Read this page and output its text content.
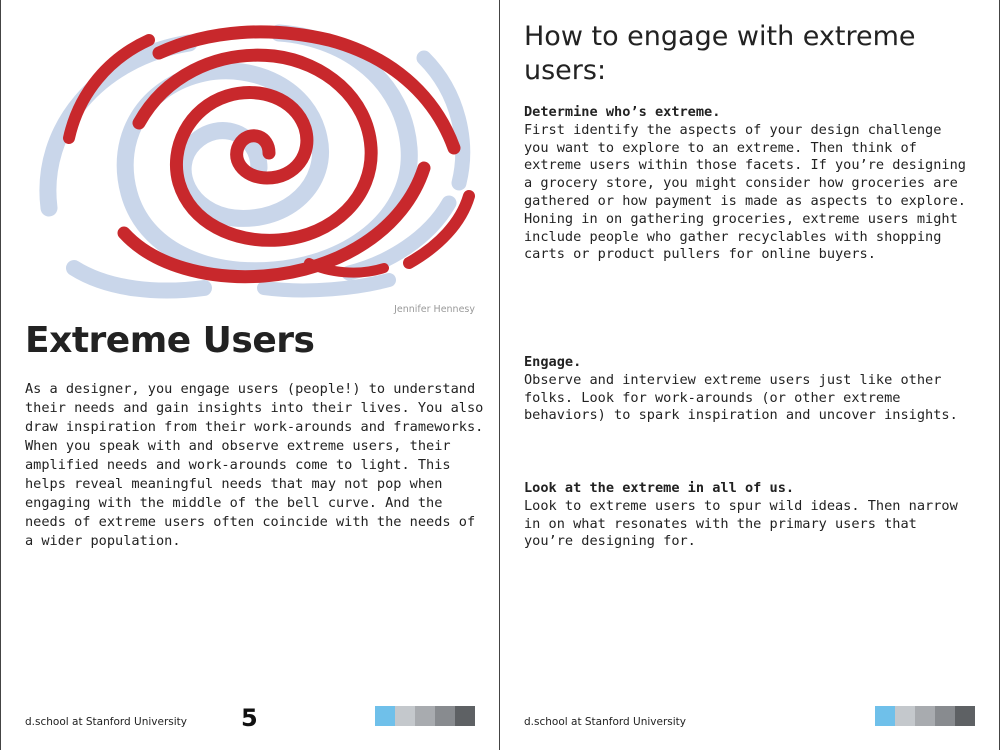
Jennifer Hennesy
Extreme Users

As a designer, you engage users (people!) to understand their needs and gain insights into their lives. You also draw inspiration from their work-arounds and frameworks. When you speak with and observe extreme users, their amplified needs and work-arounds come to light. This helps reveal meaningful needs that may not pop when engaging with the middle of the bell curve. And the needs of extreme users often coincide with the needs of a wider population.

d.school at Stanford University 5
How to engage with extreme users:
Determine who’s extreme.

First identify the aspects of your design challenge you want to explore to an extreme. Then think of extreme users within those facets. If you’re designing a grocery store, you might consider how groceries are gathered or how payment is made as aspects to explore. Honing in on gathering groceries, extreme users might include people who gather recyclables with shopping carts or product pullers for online buyers.

Engage.

Observe and interview extreme users just like other folks. Look for work-arounds (or other extreme behaviors) to spark inspiration and uncover insights.

Look at the extreme in all of us.

Look to extreme users to spur wild ideas. Then narrow in on what resonates with the primary users that you’re designing for.

d.school at Stanford University
